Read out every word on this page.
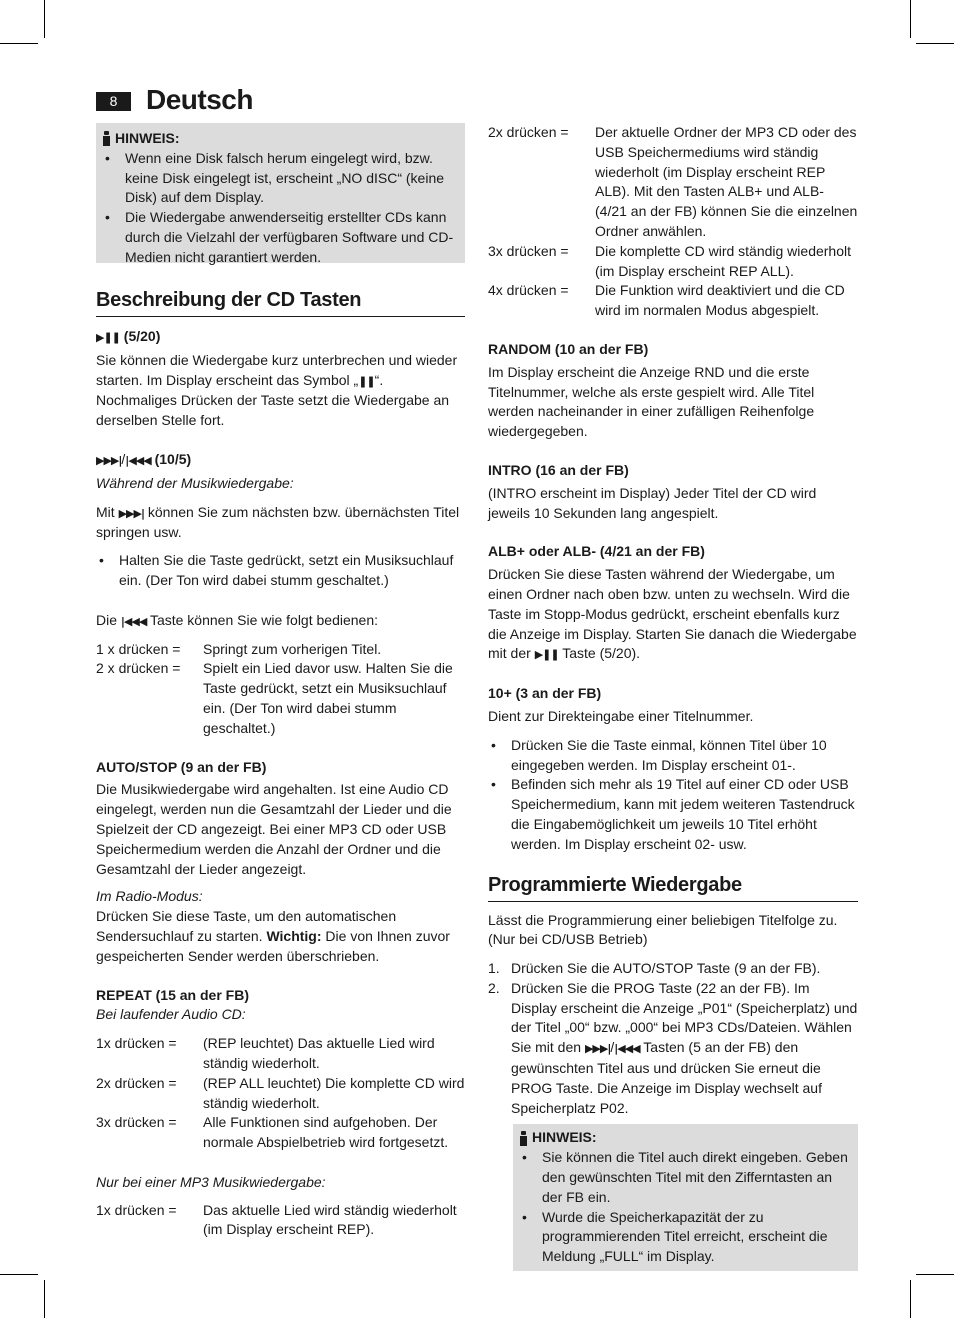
8	Deutsch
HINWEIS:
• Wenn eine Disk falsch herum eingelegt wird, bzw. keine Disk eingelegt ist, erscheint „NO dISC“ (keine Disk) auf dem Display.
• Die Wiedergabe anwenderseitig erstellter CDs kann durch die Vielzahl der verfügbaren Software und CD-Medien nicht garantiert werden.
Beschreibung der CD Tasten

▶❚❚ (5/20)

Sie können die Wiedergabe kurz unterbrechen und wieder starten. Im Display erscheint das Symbol „❚❚“. Nochmaliges Drücken der Taste setzt die Wiedergabe an derselben Stelle fort.

▶▶▶|/|◀◀◀ (10/5)

Während der Musikwiedergabe:

Mit ▶▶▶| können Sie zum nächsten bzw. übernächsten Titel springen usw.

• Halten Sie die Taste gedrückt, setzt ein Musiksuchlauf ein. (Der Ton wird dabei stumm geschaltet.)

Die |◀◀◀ Taste können Sie wie folgt bedienen:

1 x drücken =	Springt zum vorherigen Titel.
2 x drücken =	Spielt ein Lied davor usw. Halten Sie die Taste gedrückt, setzt ein Musiksuchlauf ein. (Der Ton wird dabei stumm geschaltet.)

AUTO/STOP (9 an der FB)

Die Musikwiedergabe wird angehalten. Ist eine Audio CD eingelegt, werden nun die Gesamtzahl der Lieder und die Spielzeit der CD angezeigt. Bei einer MP3 CD oder USB Speichermedium werden die Anzahl der Ordner und die Gesamtzahl der Lieder angezeigt.

Im Radio-Modus:

Drücken Sie diese Taste, um den automatischen Sendersuchlauf zu starten. Wichtig: Die von Ihnen zuvor gespeicherten Sender werden überschrieben.

REPEAT (15 an der FB)

Bei laufender Audio CD:

1x drücken =	(REP leuchtet) Das aktuelle Lied wird ständig wiederholt.
2x drücken =	(REP ALL leuchtet) Die komplette CD wird ständig wiederholt.
3x drücken =	Alle Funktionen sind aufgehoben. Der normale Abspielbetrieb wird fortgesetzt.

Nur bei einer MP3 Musikwiedergabe:

1x drücken =	Das aktuelle Lied wird ständig wiederholt (im Display erscheint REP).
2x drücken =	Der aktuelle Ordner der MP3 CD oder des USB Speichermediums wird ständig wiederholt (im Display erscheint REP ALB). Mit den Tasten ALB+ und ALB- (4/21 an der FB) können Sie die einzelnen Ordner anwählen.
3x drücken =	Die komplette CD wird ständig wiederholt (im Display erscheint REP ALL).
4x drücken =	Die Funktion wird deaktiviert und die CD wird im normalen Modus abgespielt.

RANDOM (10 an der FB)

Im Display erscheint die Anzeige RND und die erste Titelnummer, welche als erste gespielt wird. Alle Titel werden nacheinander in einer zufälligen Reihenfolge wiedergegeben.

INTRO (16 an der FB)

(INTRO erscheint im Display) Jeder Titel der CD wird jeweils 10 Sekunden lang angespielt.

ALB+ oder ALB- (4/21 an der FB)

Drücken Sie diese Tasten während der Wiedergabe, um einen Ordner nach oben bzw. unten zu wechseln. Wird die Taste im Stopp-Modus gedrückt, erscheint ebenfalls kurz die Anzeige im Display. Starten Sie danach die Wiedergabe mit der ▶❚❚ Taste (5/20).

10+ (3 an der FB)

Dient zur Direkteingabe einer Titelnummer.

• Drücken Sie die Taste einmal, können Titel über 10 eingegeben werden. Im Display erscheint 01-.
• Befinden sich mehr als 19 Titel auf einer CD oder USB Speichermedium, kann mit jedem weiteren Tastendruck die Eingabemöglichkeit um jeweils 10 Titel erhöht werden. Im Display erscheint 02- usw.
Programmierte Wiedergabe

Lässt die Programmierung einer beliebigen Titelfolge zu. (Nur bei CD/USB Betrieb)

1. Drücken Sie die AUTO/STOP Taste (9 an der FB).
2. Drücken Sie die PROG Taste (22 an der FB). Im Display erscheint die Anzeige „P01“ (Speicherplatz) und der Titel „00“ bzw. „000“ bei MP3 CDs/Dateien. Wählen Sie mit den ▶▶▶|/|◀◀◀ Tasten (5 an der FB) den gewünschten Titel aus und drücken Sie erneut die PROG Taste. Die Anzeige im Display wechselt auf Speicherplatz P02.
HINWEIS:
• Sie können die Titel auch direkt eingeben. Geben den gewünschten Titel mit den Zifferntasten an der FB ein.
• Wurde die Speicherkapazität der zu programmierenden Titel erreicht, erscheint die Meldung „FULL“ im Display.
